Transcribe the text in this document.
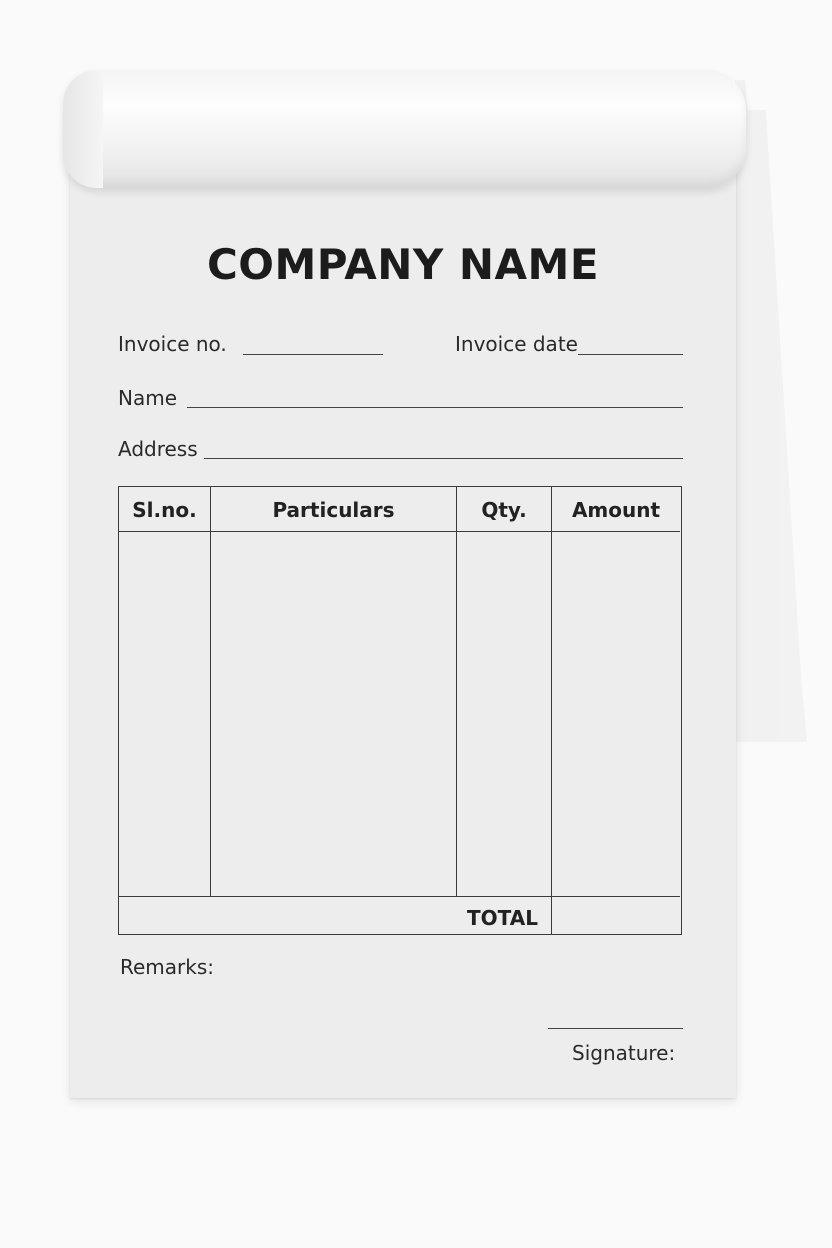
COMPANY NAME
Invoice no.	Invoice date
Name
Address
Sl.no.	Particulars	Qty.	Amount
TOTAL
Remarks:
Signature:
